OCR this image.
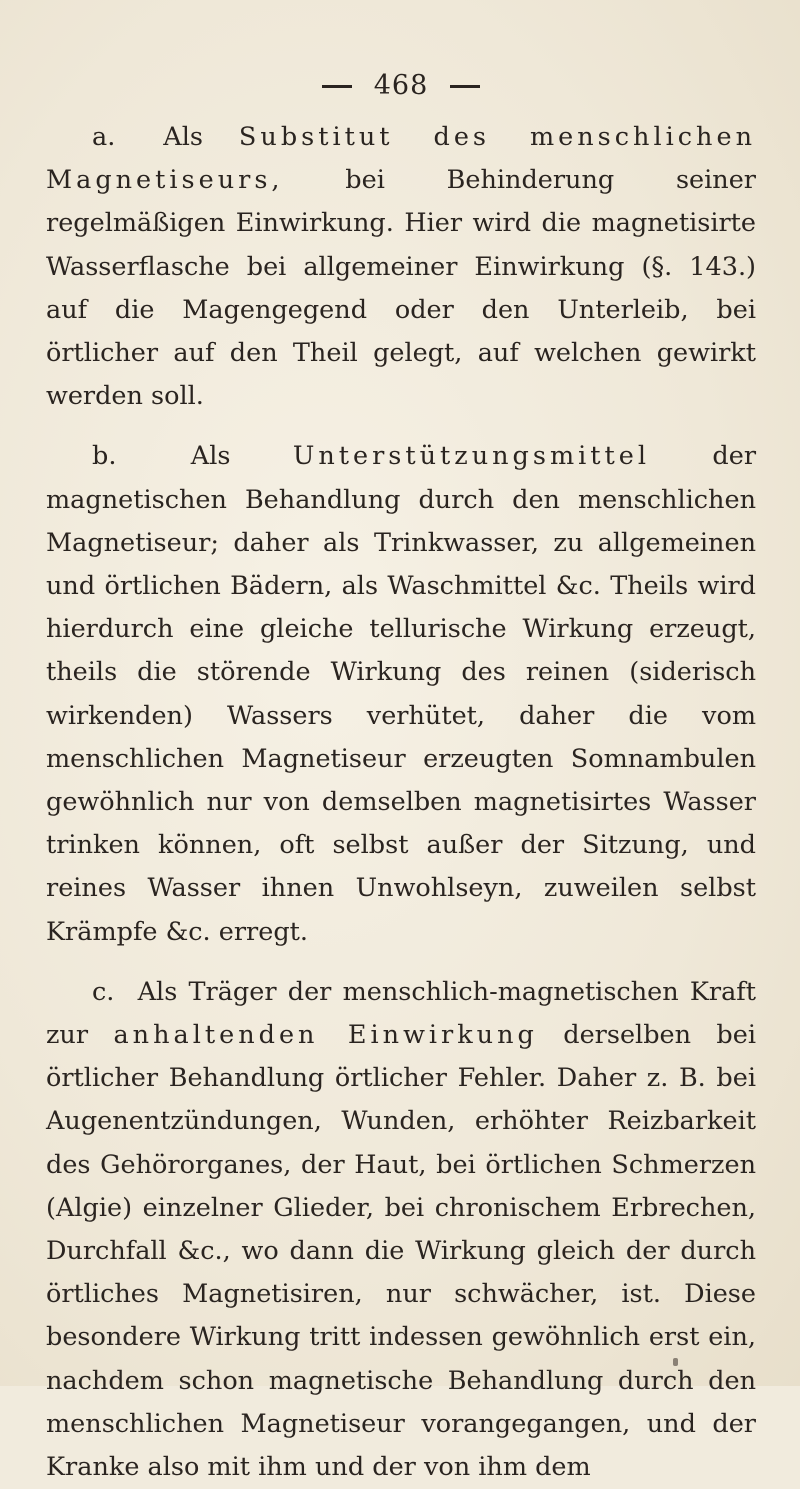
468

a. Als Substitut des menschlichen Magnetiseurs, bei Behinderung seiner regelmäßigen Einwirkung. Hier wird die magnetisirte Wasserflasche bei allgemeiner Einwirkung (§. 143.) auf die Magengegend oder den Unterleib, bei örtlicher auf den Theil gelegt, auf welchen gewirkt werden soll.

b.	Als Unterstützungsmittel der magnetischen Behandlung durch den menschlichen Magnetiseur; daher als Trinkwasser, zu allgemeinen und örtlichen Bädern, als Waschmittel &c. Theils wird hierdurch eine gleiche tellurische Wirkung erzeugt, theils die störende Wirkung des reinen (siderisch wirkenden) Wassers verhütet, daher die vom menschlichen Magnetiseur erzeugten Somnambulen gewöhnlich nur von demselben magnetisirtes Wasser trinken können, oft selbst außer der Sitzung, und reines Wasser ihnen Unwohlseyn, zuweilen selbst Krämpfe &c. erregt.

c. Als Träger der menschlich-magnetischen Kraft zur anhaltenden Einwirkung derselben bei örtlicher Behandlung örtlicher Fehler. Daher z. B. bei Augenentzündungen, Wunden, erhöhter Reizbarkeit des Gehörorganes, der Haut, bei örtlichen Schmerzen (Algie) einzelner Glieder, bei chronischem Erbrechen, Durchfall &c., wo dann die Wirkung gleich der durch örtliches Magnetisiren, nur schwächer, ist. Diese besondere Wirkung tritt indessen gewöhnlich erst ein, nachdem schon magnetische Behandlung durch den menschlichen Magnetiseur vorangegangen, und der Kranke also mit ihm und der von ihm dem
